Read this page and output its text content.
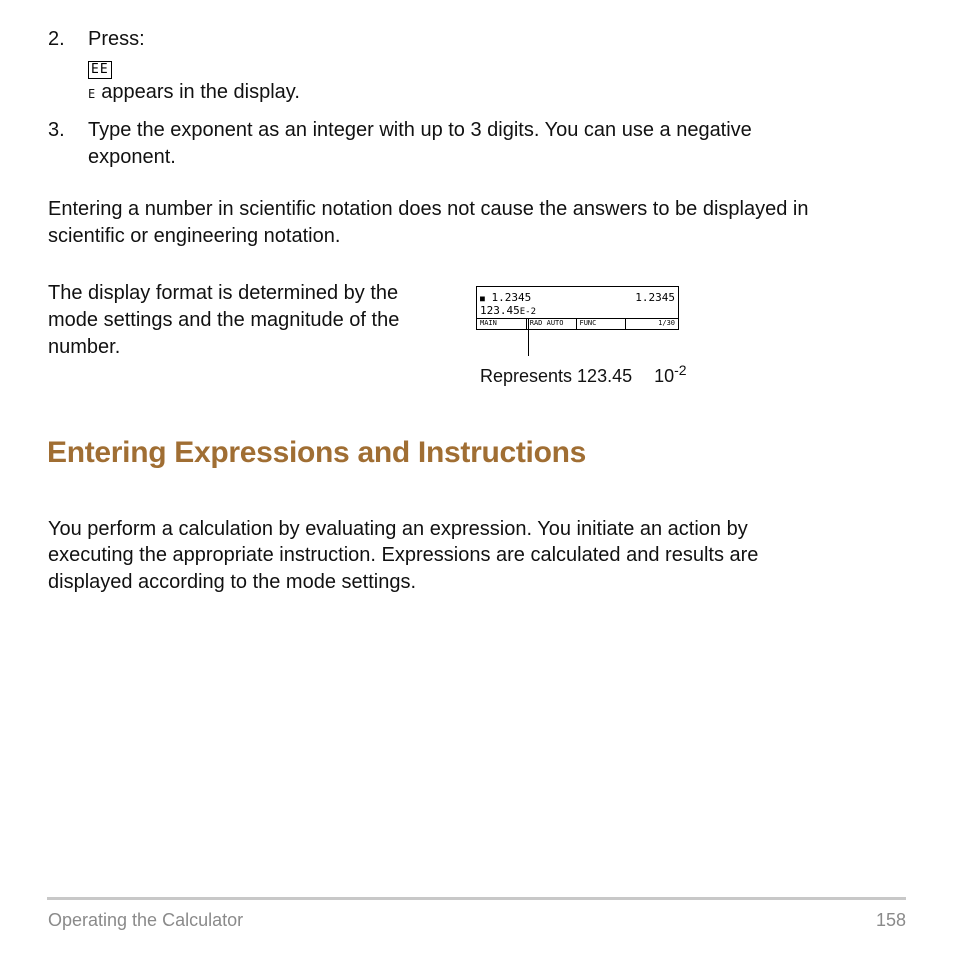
2. Press:
EE
E appears in the display.
3. Type the exponent as an integer with up to 3 digits. You can use a negative
exponent.
Entering a number in scientific notation does not cause the answers to be displayed in
scientific or engineering notation.
The display format is determined by the
mode settings and the magnitude of the
number.
■ 1.2345	1.2345
123.45E-2
MAIN	RAD AUTO	FUNC	1/30
Represents 123.45 $10^{-2}$
Entering Expressions and Instructions
You perform a calculation by evaluating an expression. You initiate an action by
executing the appropriate instruction. Expressions are calculated and results are
displayed according to the mode settings.
Operating the Calculator	158
